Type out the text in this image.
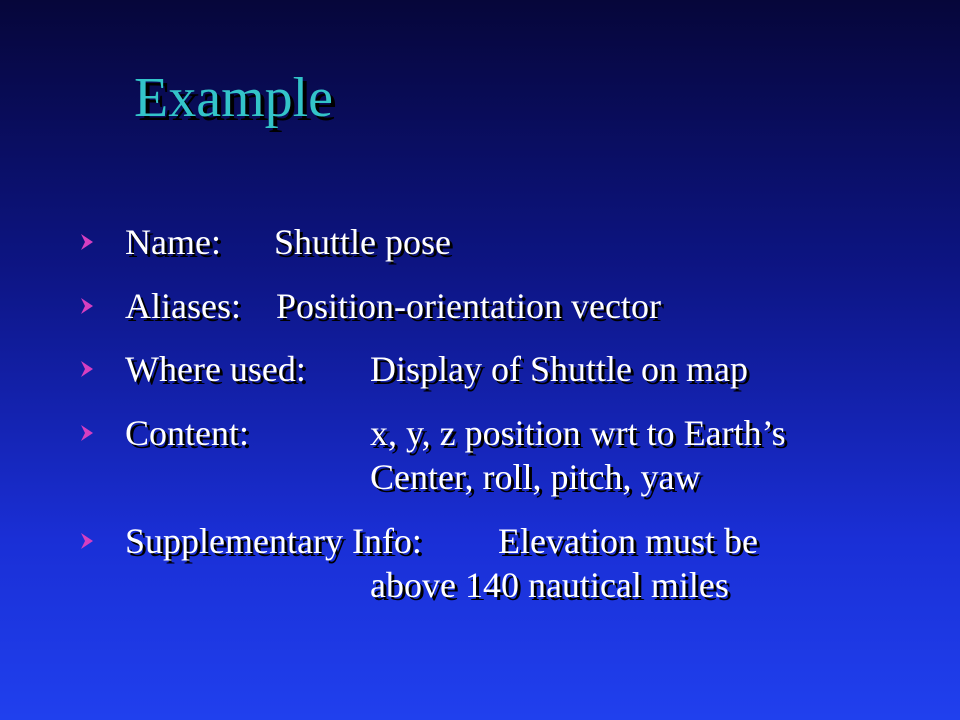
Example
Name: Shuttle pose
Aliases: Position-orientation vector
Where used: Display of Shuttle on map
Content:	x, y, z position wrt to Earth’s
Center, roll, pitch, yaw
Supplementary Info: Elevation must be
above 140 nautical miles
